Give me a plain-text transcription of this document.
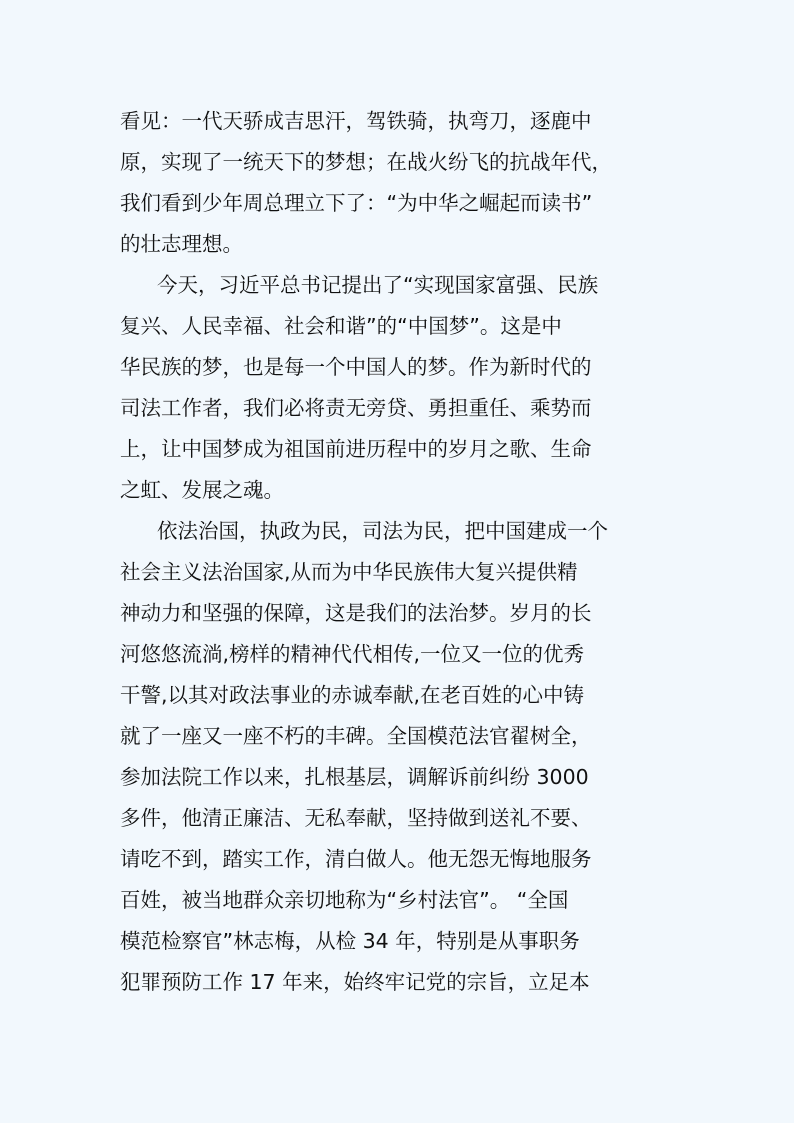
看见：一代天骄成吉思汗，驾铁骑，执弯刀，逐鹿中
原，实现了一统天下的梦想；在战火纷飞的抗战年代，
我们看到少年周总理立下了：“为中华之崛起而读书”
的壮志理想。
今天，习近平总书记提出了“实现国家富强、民族
复兴、人民幸福、社会和谐”的“中国梦”。这是中
华民族的梦，也是每一个中国人的梦。作为新时代的
司法工作者，我们必将责无旁贷、勇担重任、乘势而
上，让中国梦成为祖国前进历程中的岁月之歌、生命
之虹、发展之魂。
依法治国，执政为民，司法为民，把中国建成一个
社会主义法治国家,从而为中华民族伟大复兴提供精
神动力和坚强的保障，这是我们的法治梦。岁月的长
河悠悠流淌,榜样的精神代代相传,一位又一位的优秀
干警,以其对政法事业的赤诚奉献,在老百姓的心中铸
就了一座又一座不朽的丰碑。全国模范法官翟树全，
参加法院工作以来，扎根基层，调解诉前纠纷 3000
多件，他清正廉洁、无私奉献，坚持做到送礼不要、
请吃不到，踏实工作，清白做人。他无怨无悔地服务
百姓，被当地群众亲切地称为“乡村法官”。 “全国
模范检察官”林志梅，从检 34 年，特别是从事职务
犯罪预防工作 17 年来，始终牢记党的宗旨，立足本
